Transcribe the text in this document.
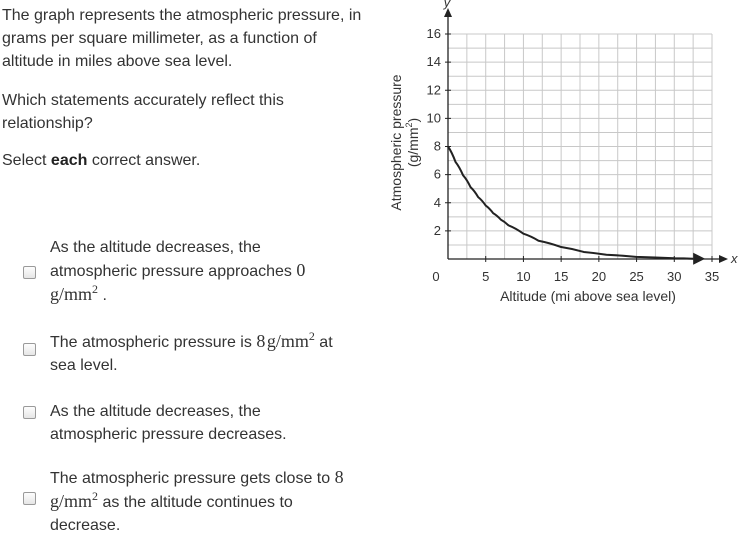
The graph represents the atmospheric pressure, in grams per square millimeter, as a function of altitude in miles above sea level.

Which statements accurately reflect this relationship?

Select each correct answer.

As the altitude decreases, the atmospheric pressure approaches 0 $g/mm^2$ .
The atmospheric pressure is 8 $g/mm^2$ at sea level.
As the altitude decreases, the atmospheric pressure decreases.
The atmospheric pressure gets close to 8 $g/mm^2$ as the altitude continues to decrease.
0	5 10 15 20 25 30 35
2
4
6
8
10
12
14
16
x
y
Altitude (mi above sea level)
Atmospheric pressure $(g/mm^2)$
